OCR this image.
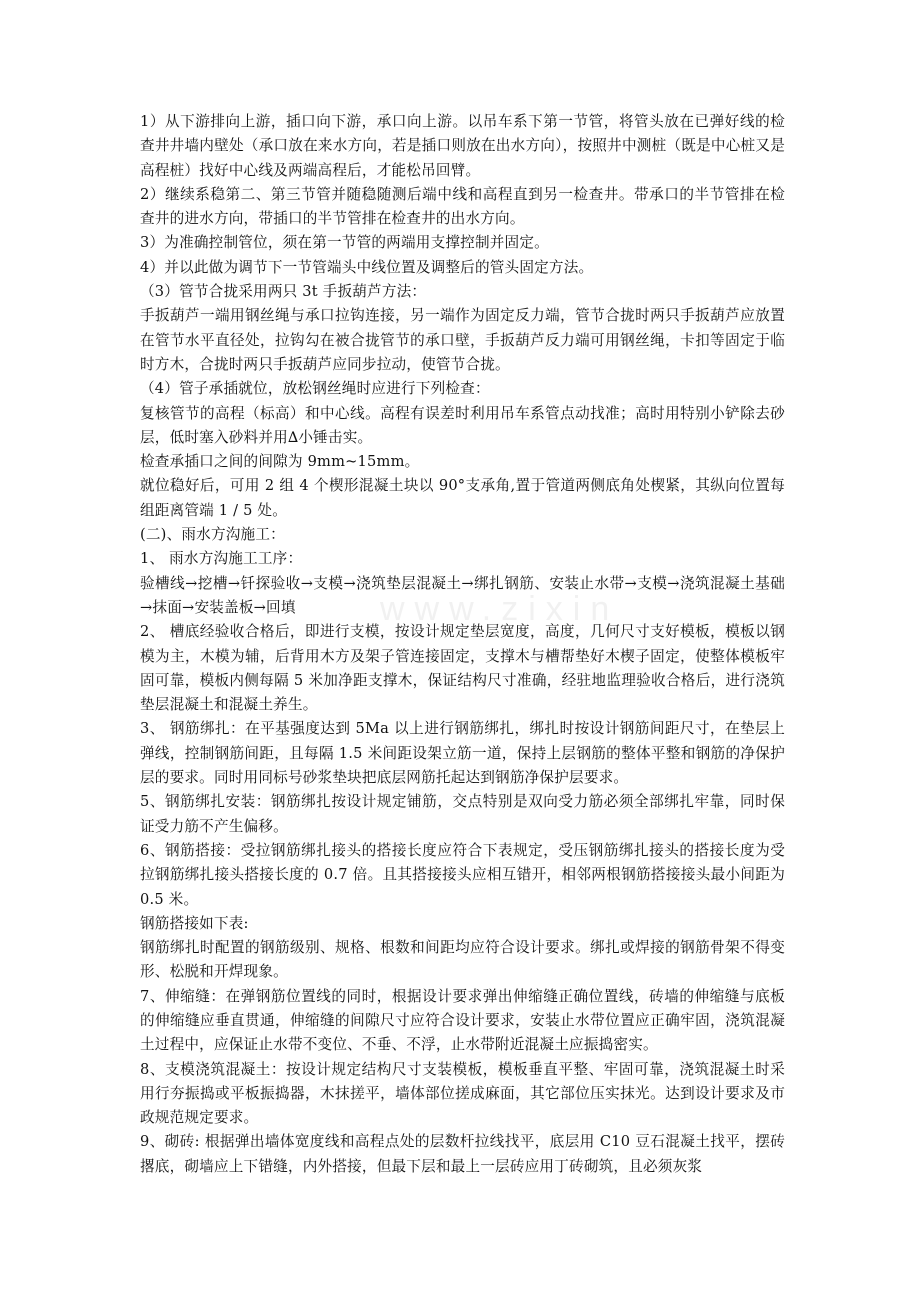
www.zixin

1）从下游排向上游，插口向下游，承口向上游。以吊车系下第一节管，将管头放在已弹好线的检查井井墙内壁处（承口放在来水方向，若是插口则放在出水方向），按照井中测桩（既是中心桩又是高程桩）找好中心线及两端高程后，才能松吊回臂。

2）继续系稳第二、第三节管并随稳随测后端中线和高程直到另一检查井。带承口的半节管排在检查井的进水方向，带插口的半节管排在检查井的出水方向。

3）为准确控制管位，须在第一节管的两端用支撑控制并固定。

4）并以此做为调节下一节管端头中线位置及调整后的管头固定方法。

（3）管节合拢采用两只 3t 手扳葫芦方法：

手扳葫芦一端用钢丝绳与承口拉钩连接，另一端作为固定反力端，管节合拢时两只手扳葫芦应放置在管节水平直径处，拉钩勾在被合拢管节的承口壁，手扳葫芦反力端可用钢丝绳，卡扣等固定于临时方木，合拢时两只手扳葫芦应同步拉动，使管节合拢。

（4）管子承插就位，放松钢丝绳时应进行下列检查：

复核管节的高程（标高）和中心线。高程有误差时利用吊车系管点动找准；高时用特别小铲除去砂层，低时塞入砂料并用∆小锤击实。

检查承插口之间的间隙为 9mm~15mm。

就位稳好后，可用 2 组 4 个楔形混凝土块以 90°支承角,置于管道两侧底角处楔紧，其纵向位置每组距离管端 1 / 5 处。

(二)、雨水方沟施工：

1、 雨水方沟施工工序：

验槽线→挖槽→钎探验收→支模→浇筑垫层混凝土→绑扎钢筋、安装止水带→支模→浇筑混凝土基础→抹面→安装盖板→回填

2、 槽底经验收合格后，即进行支模，按设计规定垫层宽度，高度，几何尺寸支好模板，模板以钢模为主，木模为辅，后背用木方及架子管连接固定，支撑木与槽帮垫好木楔子固定，使整体模板牢固可靠，模板内侧每隔 5 米加净距支撑木，保证结构尺寸准确，经驻地监理验收合格后，进行浇筑垫层混凝土和混凝土养生。

3、 钢筋绑扎：在平基强度达到 5Ma 以上进行钢筋绑扎，绑扎时按设计钢筋间距尺寸，在垫层上弹线，控制钢筋间距，且每隔 1.5 米间距设架立筋一道，保持上层钢筋的整体平整和钢筋的净保护层的要求。同时用同标号砂浆垫块把底层网筋托起达到钢筋净保护层要求。

5、钢筋绑扎安装：钢筋绑扎按设计规定铺筋，交点特别是双向受力筋必须全部绑扎牢靠，同时保证受力筋不产生偏移。

6、钢筋搭接：受拉钢筋绑扎接头的搭接长度应符合下表规定，受压钢筋绑扎接头的搭接长度为受拉钢筋绑扎接头搭接长度的 0.7 倍。且其搭接接头应相互错开，相邻两根钢筋搭接接头最小间距为 0.5 米。

钢筋搭接如下表:

钢筋绑扎时配置的钢筋级别、规格、根数和间距均应符合设计要求。绑扎或焊接的钢筋骨架不得变形、松脱和开焊现象。

7、伸缩缝：在弹钢筋位置线的同时，根据设计要求弹出伸缩缝正确位置线，砖墙的伸缩缝与底板的伸缩缝应垂直贯通，伸缩缝的间隙尺寸应符合设计要求，安装止水带位置应正确牢固，浇筑混凝土过程中，应保证止水带不变位、不垂、不浮，止水带附近混凝土应振捣密实。

8、支模浇筑混凝土：按设计规定结构尺寸支装模板，模板垂直平整、牢固可靠，浇筑混凝土时采用行夯振捣或平板振捣器，木抹搓平，墙体部位搓成麻面，其它部位压实抹光。达到设计要求及市政规范规定要求。

9、砌砖: 根据弹出墙体宽度线和高程点处的层数杆拉线找平，底层用 C10 豆石混凝土找平，摆砖撂底，砌墙应上下错缝，内外搭接，但最下层和最上一层砖应用丁砖砌筑，且必须灰浆
